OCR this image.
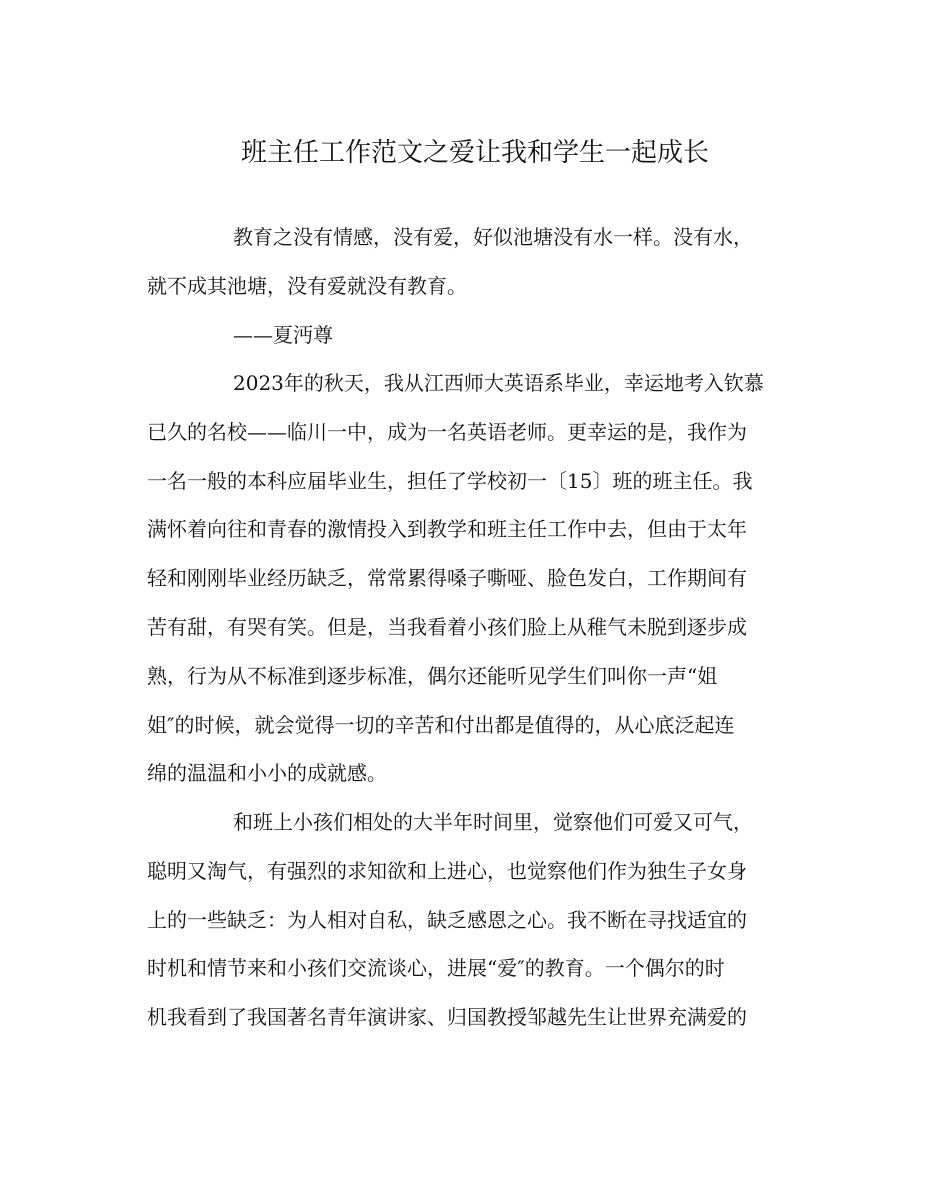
班主任工作范文之爱让我和学生一起成长
教育之没有情感，没有爱，好似池塘没有水一样。没有水，
就不成其池塘，没有爱就没有教育。
——夏沔尊
2023年的秋天，我从江西师大英语系毕业，幸运地考入钦慕
已久的名校——临川一中，成为一名英语老师。更幸运的是，我作为
一名一般的本科应届毕业生，担任了学校初一〔15〕班的班主任。我
满怀着向往和青春的激情投入到教学和班主任工作中去，但由于太年
轻和刚刚毕业经历缺乏，常常累得嗓子嘶哑、脸色发白，工作期间有
苦有甜，有哭有笑。但是，当我看着小孩们脸上从稚气未脱到逐步成
熟，行为从不标准到逐步标准，偶尔还能听见学生们叫你一声“姐
姐″的时候，就会觉得一切的辛苦和付出都是值得的，从心底泛起连
绵的温温和小小的成就感。
和班上小孩们相处的大半年时间里，觉察他们可爱又可气，
聪明又淘气，有强烈的求知欲和上进心，也觉察他们作为独生子女身
上的一些缺乏：为人相对自私，缺乏感恩之心。我不断在寻找适宜的
时机和情节来和小孩们交流谈心，进展“爱″的教育。一个偶尔的时
机我看到了我国著名青年演讲家、归国教授邹越先生让世界充满爱的
